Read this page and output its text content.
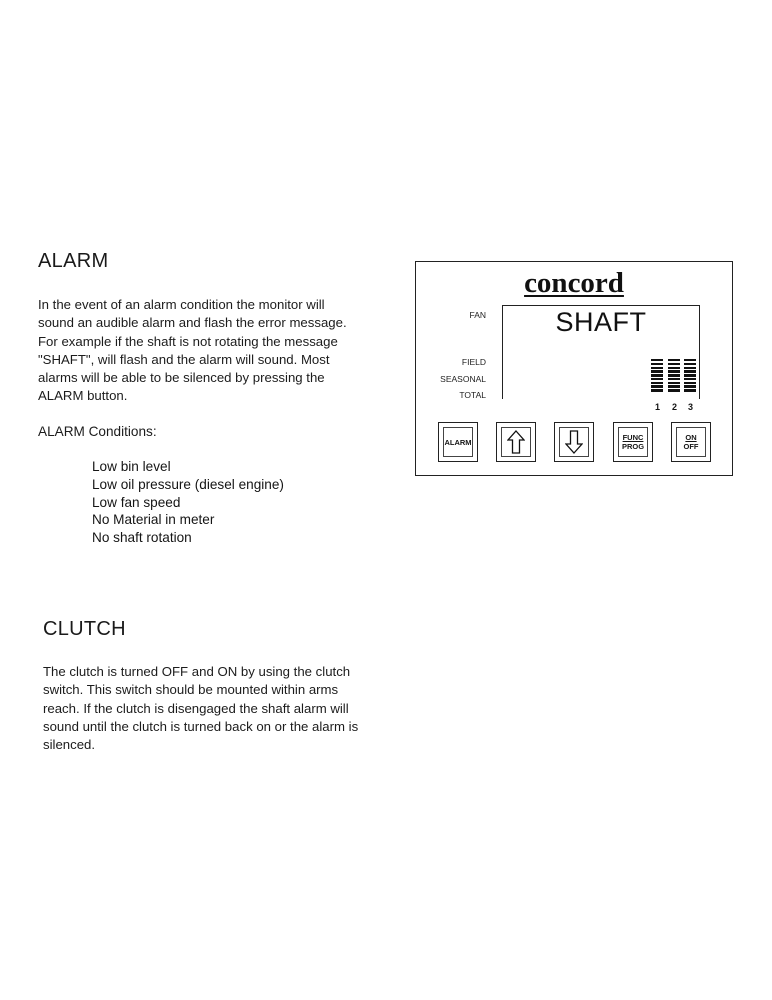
ALARM
In the event of an alarm condition the monitor will
sound an audible alarm and flash the error message.
For example if the shaft is not rotating the message
"SHAFT", will flash and the alarm will sound. Most
alarms will be able to be silenced by pressing the
ALARM button.
ALARM Conditions:
Low bin level
Low oil pressure (diesel engine)
Low fan speed
No Material in meter
No shaft rotation
CLUTCH
The clutch is turned OFF and ON by using the clutch
switch. This switch should be mounted within arms
reach. If the clutch is disengaged the shaft alarm will
sound until the clutch is turned back on or the alarm is
silenced.
concord
SHAFT
FAN
FIELD
SEASONAL
TOTAL
1 2 3
ALARM	FUNC
PROG
ON
OFF
